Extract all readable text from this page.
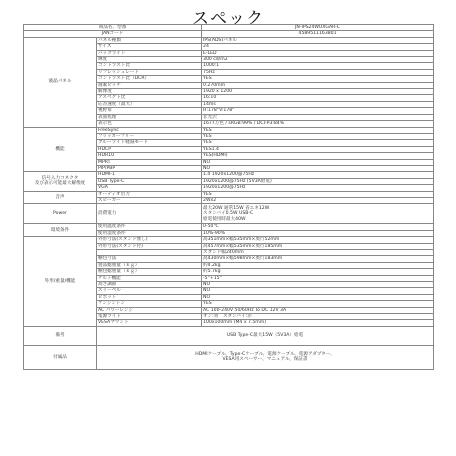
スペック
商品名、型番		JN-IPS24WUXGAR-C
JANコード		4589511163801
液晶パネル	パネル種類	IPS(ADS)パネル
	サイズ	24
	バックライト	E-LED
	輝度	300 cd/m2
	コントラスト比	1000:1
	リフレッシュレート	75Hz
	コントラスト比（DCR）	YES
	画素ピッチ	0.270mm
	解像度	1920 x 1200
	アスペクト比	16:10
	応答速度（最大）	14ms
	視野角	H:178°V:178°
	表面処理	非光沢
	表示色	1677万色 / sRGB:99% / DCI-P3:84%
機能	FreeSync	YES
	フリッカーフリー	YES
	ブルーライト軽減モード	YES
	HDCP	YES1.4
	HDR10	YES(HDMI)
	MPRT	NO
	PIP/PBP	NO

信号入力コネクタ
及び表示可能最大解像度	HDMI-1	1.4 1920x1200@75Hz
	USB Type-C	1920x1200@75Hz (5V3A給電)
	VGA	1920x1200@75Hz
音声	オーディオ出力	YES
	スピーカー	2Wx2
Power	消費電力	最大20W 通常15W 省エネ12W
スタンバイ0.5W USB-C
給電使用時最大40W

環境条件	使用温度条件	0-50℃
	使用湿度条件	10%-90%
外形/重量/機能	外形寸法(スタンド無し)	高351mm×幅535mm×奥行52mm
	外形寸法(スタンド付)	高457mm×幅535mm×奥行185mm
		スタンド幅240mm
	梱包寸法	高430mm×幅598mm×奥行183mm
	製品総重量（ｋｇ）	約4.2kg
	梱包総重量（ｋｇ）	約5.7kg
	チルト機能	-5°+15°
	高さ調節	NO
	スイーベル	NO
	ピボット	NO
	ケンジントン	YES
	AC パワーレンジ	AC 100-240V 50/60Hz To DC 12V 3A
	電源ライト	オン:青　スタンバイ:赤
	VESAマウント	100x100mm (M4 x 7.5mm)
備考	USB Type-C最大15W（5V3A）給電	
付属品	HDMIケーブル、Type-Cケーブル、電源ケーブル、電源アダプター、
VESA用スペーサー、マニュアル、保証書	
